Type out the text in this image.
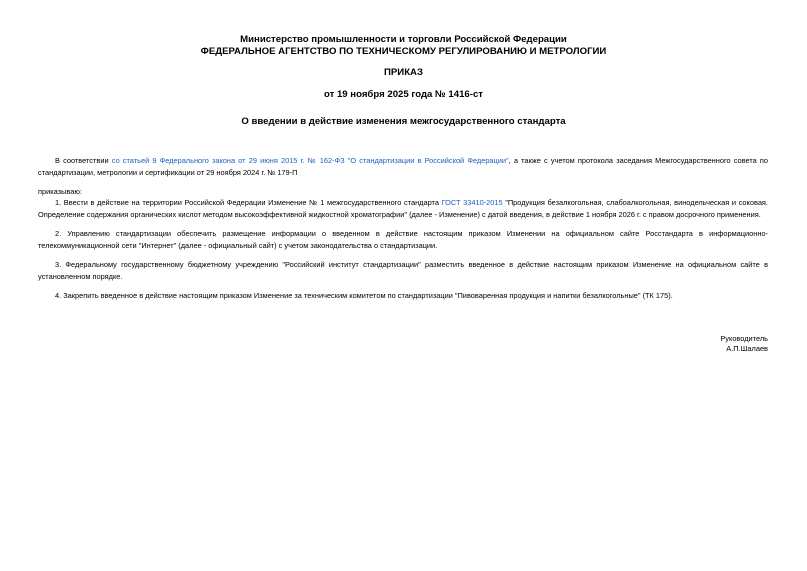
Министерство промышленности и торговли Российской Федерации
ФЕДЕРАЛЬНОЕ АГЕНТСТВО ПО ТЕХНИЧЕСКОМУ РЕГУЛИРОВАНИЮ И МЕТРОЛОГИИ
ПРИКАЗ
от 19 ноября 2025 года № 1416-ст
О введении в действие изменения межгосударственного стандарта
В соответствии со статьей 9 Федерального закона от 29 июня 2015 г. № 162-ФЗ "О стандартизации в Российской Федерации", а также с учетом протокола заседания Межгосударственного совета по стандартизации, метрологии и сертификации от 29 ноября 2024 г. № 179-П
приказываю:
1. Ввести в действие на территории Российской Федерации Изменение № 1 межгосударственного стандарта ГОСТ 33410-2015 "Продукция безалкогольная, слабоалкогольная, винодельческая и соковая. Определение содержания органических кислот методом высокоэффективной жидкостной хроматографии" (далее - Изменение) с датой введения, в действие 1 ноября 2026 г. с правом досрочного применения.
2. Управлению стандартизации обеспечить размещение информации о введенном в действие настоящим приказом Изменении на официальном сайте Росстандарта в информационно-телекоммуникационной сети "Интернет" (далее - официальный сайт) с учетом законодательства о стандартизации.
3. Федеральному государственному бюджетному учреждению "Российский институт стандартизации" разместить введенное в действие настоящим приказом Изменение на официальном сайте в установленном порядке.
4. Закрепить введенное в действие настоящим приказом Изменение за техническим комитетом по стандартизации "Пивоваренная продукция и напитки безалкогольные" (ТК 175).
Руководитель
А.П.Шалаев
